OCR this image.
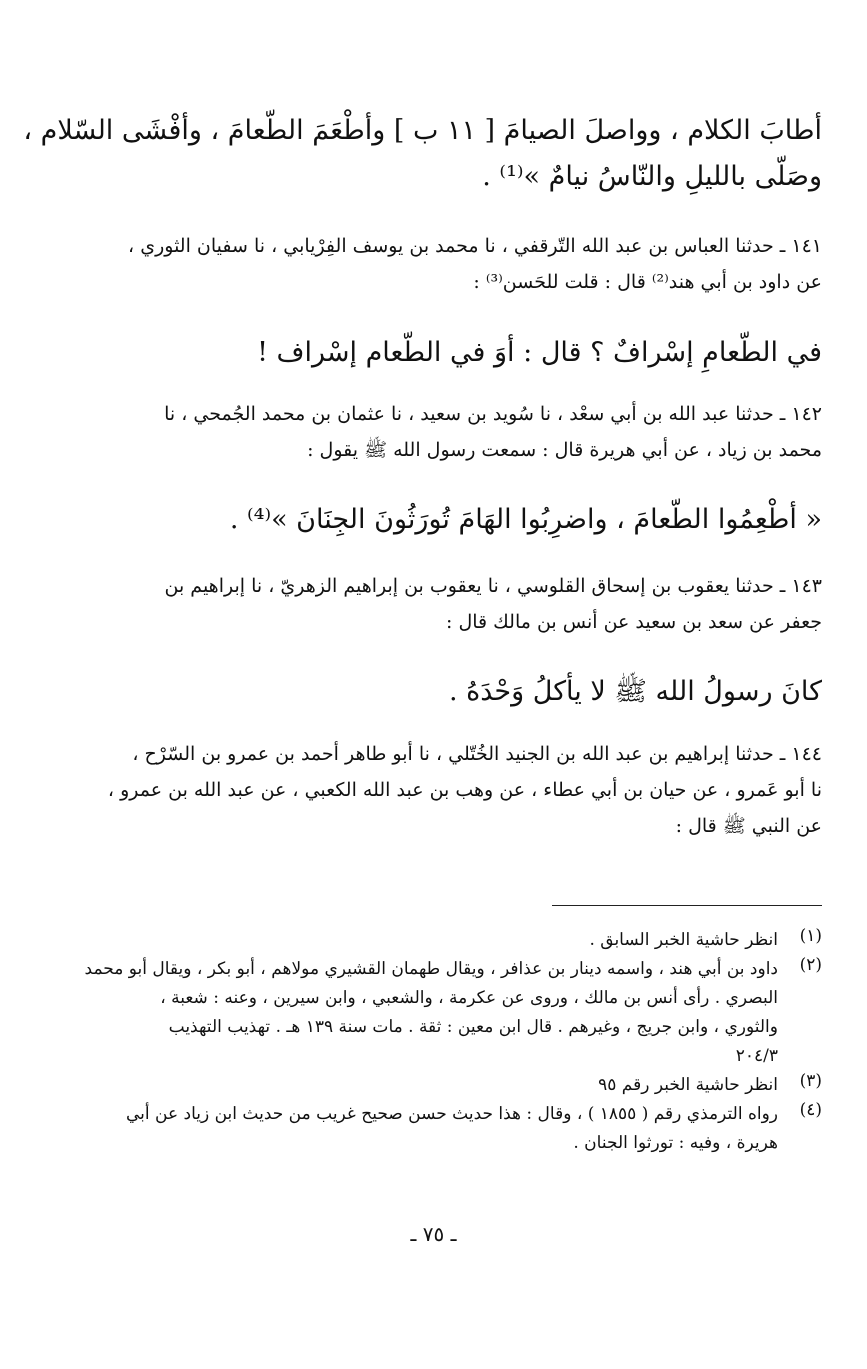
أطابَ الكلام ، وواصلَ الصيامَ [ ١١ ب ] وأطْعَمَ الطّعامَ ، وأفْشَى السّلام ،
وصَلّى بالليلِ والنّاسُ نيامٌ »⁽¹⁾ .
١٤١ ـ حدثنا العباس بن عبد الله التّرقفي ، نا محمد بن يوسف الفِرْيابي ، نا سفيان الثوري ،
عن داود بن أبي هند⁽²⁾ قال : قلت للحَسن⁽³⁾ :
في الطّعامِ إسْرافٌ ؟ قال : أوَ في الطّعام إسْراف !
١٤٢ ـ حدثنا عبد الله بن أبي سعْد ، نا سُويد بن سعيد ، نا عثمان بن محمد الجُمحي ، نا
محمد بن زياد ، عن أبي هريرة قال : سمعت رسول الله ﷺ يقول :
« أطْعِمُوا الطّعامَ ، واضرِبُوا الهَامَ تُورَثُونَ الجِنَانَ »⁽⁴⁾ .
١٤٣ ـ حدثنا يعقوب بن إسحاق القلوسي ، نا يعقوب بن إبراهيم الزهريّ ، نا إبراهيم بن
جعفر عن سعد بن سعيد عن أنس بن مالك قال :
كانَ رسولُ الله ﷺ لا يأكلُ وَحْدَهُ .
١٤٤ ـ حدثنا إبراهيم بن عبد الله بن الجنيد الخُتّلي ، نا أبو طاهر أحمد بن عمرو بن السّرْح ،
نا أبو عَمرو ، عن حيان بن أبي عطاء ، عن وهب بن عبد الله الكعبي ، عن عبد الله بن عمرو ،
عن النبي ﷺ قال :
(١)
انظر حاشية الخبر السابق .
(٢)
داود بن أبي هند ، واسمه دينار بن عذافر ، ويقال طهمان القشيري مولاهم ، أبو بكر ، ويقال أبو محمد
البصري . رأى أنس بن مالك ، وروى عن عكرمة ، والشعبي ، وابن سيرين ، وعنه : شعبة ،
والثوري ، وابن جريج ، وغيرهم . قال ابن معين : ثقة . مات سنة ١٣٩ هـ . تهذيب التهذيب
٢٠٤/٣
(٣)
انظر حاشية الخبر رقم ٩٥
(٤)
رواه الترمذي رقم ( ١٨٥٥ ) ، وقال : هذا حديث حسن صحيح غريب من حديث ابن زياد عن أبي
هريرة ، وفيه : تورثوا الجنان .
ـ ٧٥ ـ
